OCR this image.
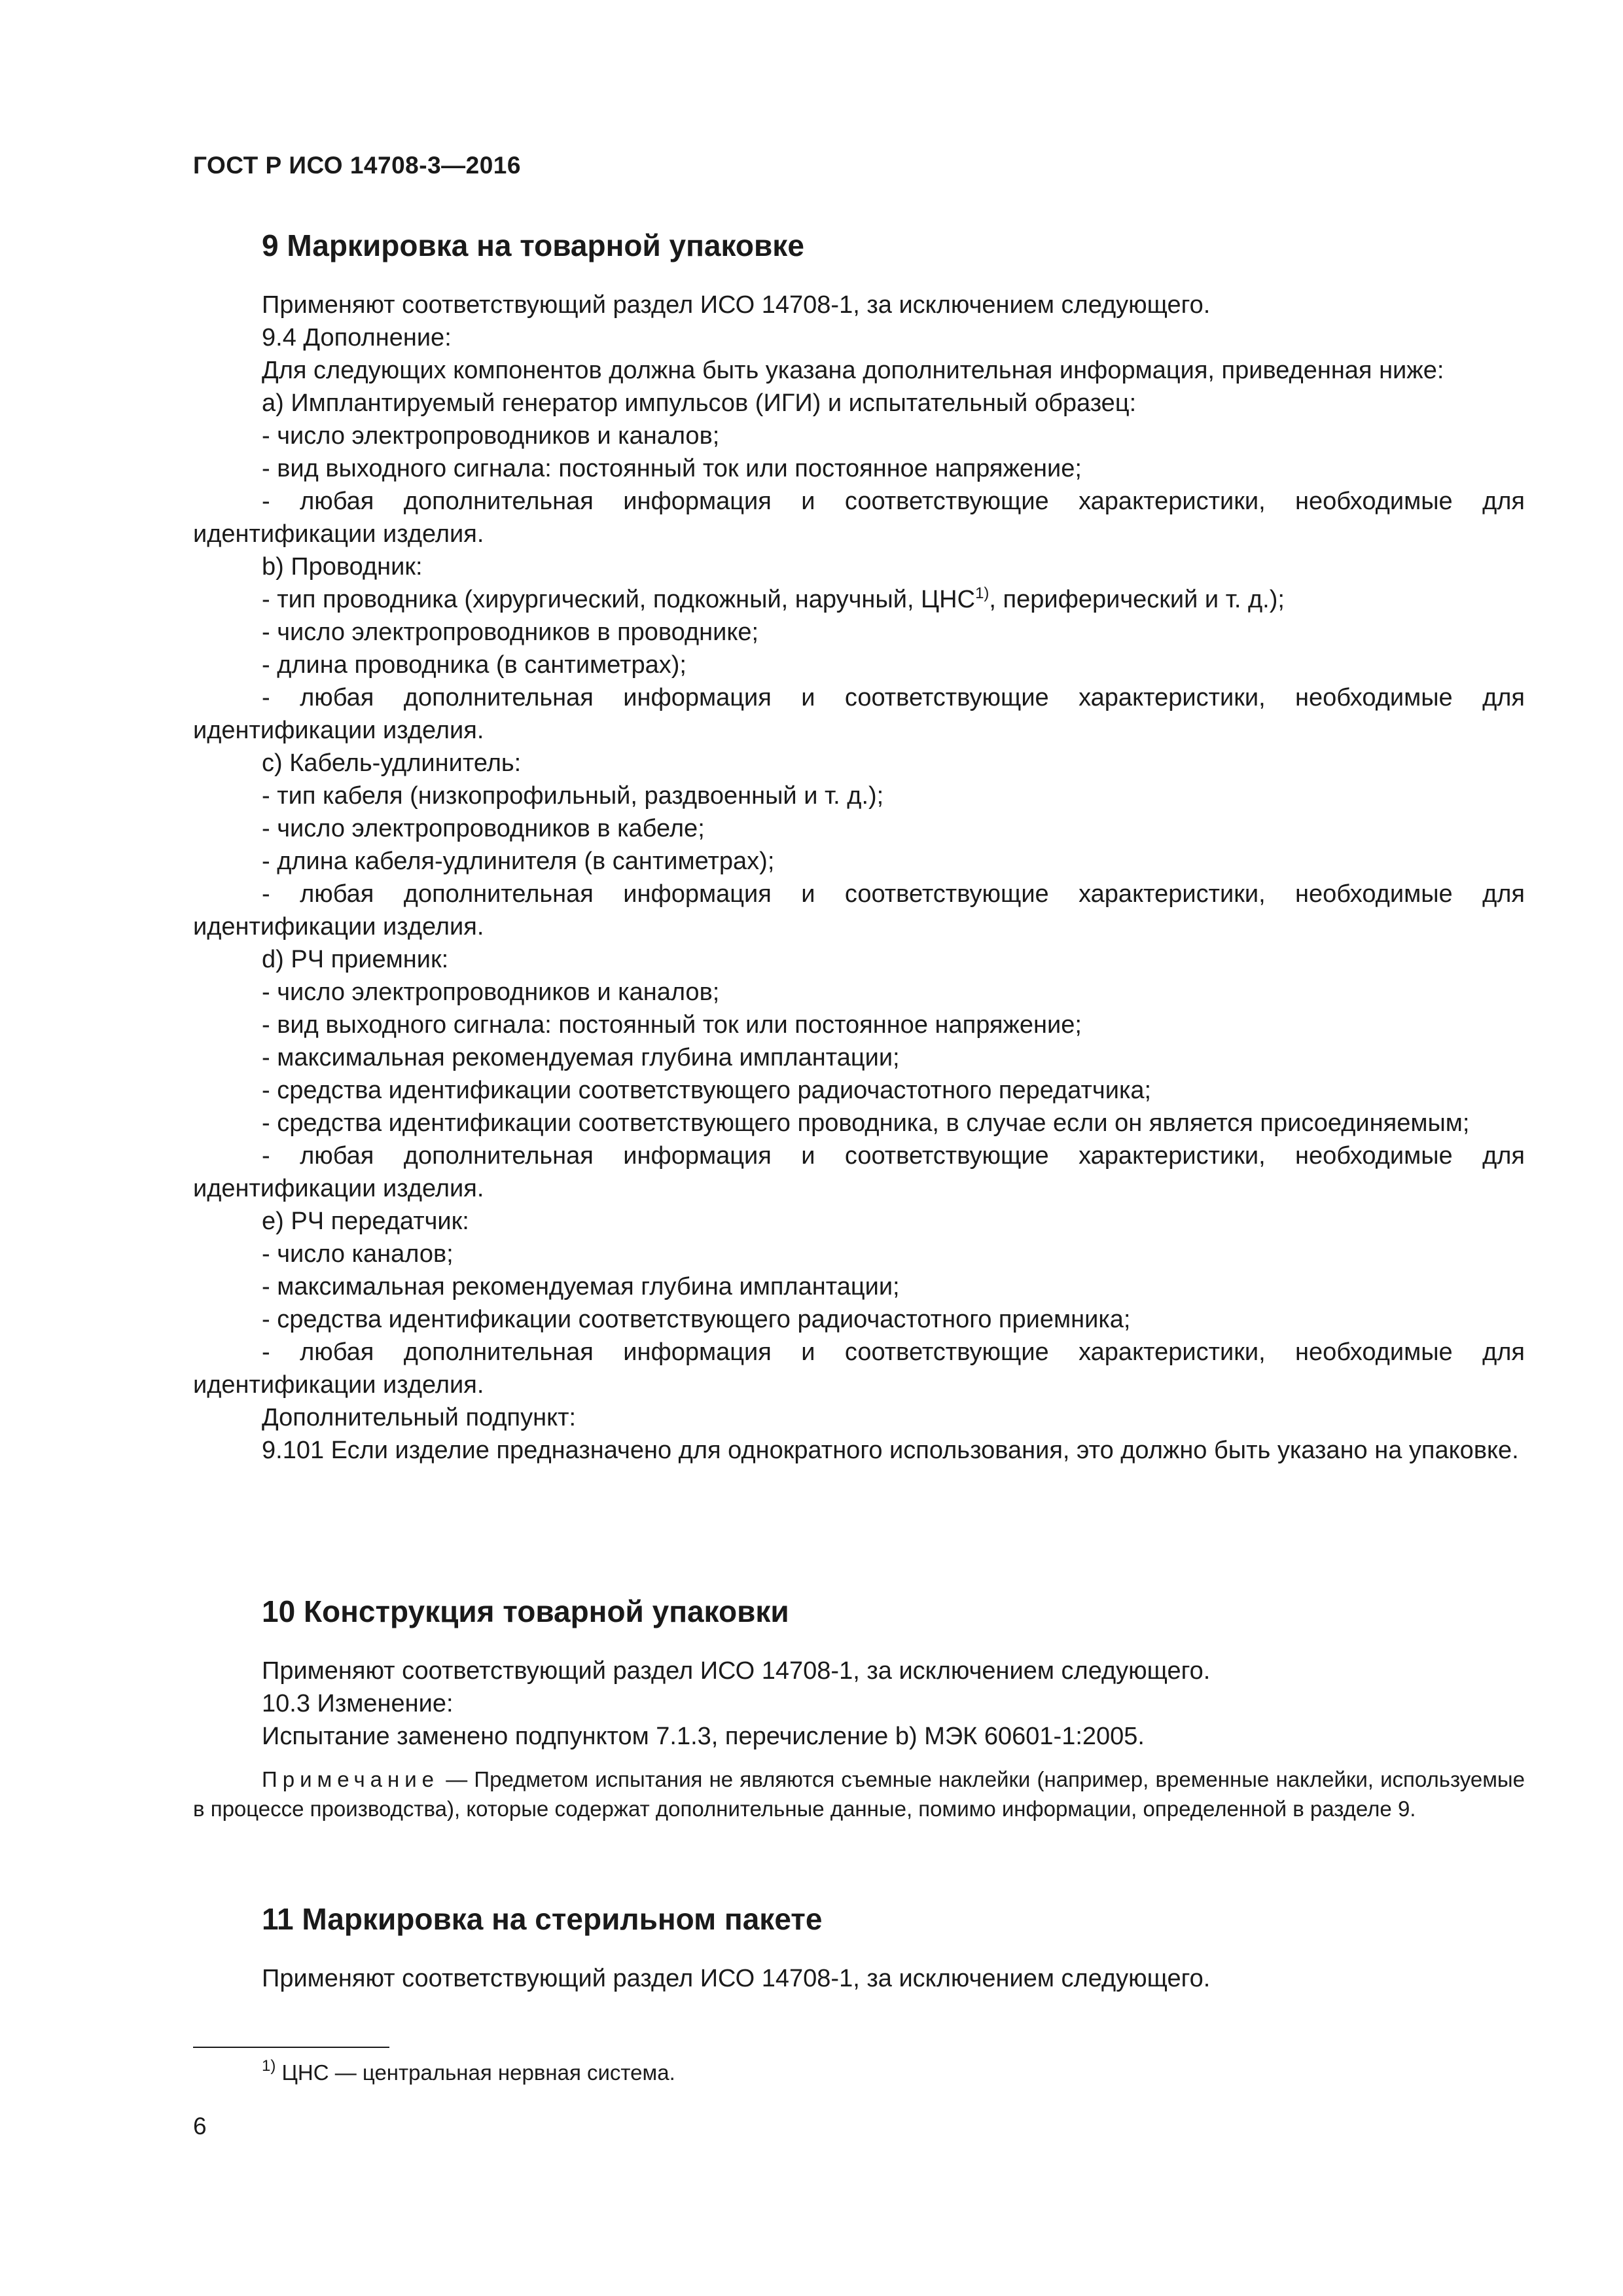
ГОСТ Р ИСО 14708-3—2016
9 Маркировка на товарной упаковке

Применяют соответствующий раздел ИСО 14708-1, за исключением следующего.

9.4 Дополнение:

Для следующих компонентов должна быть указана дополнительная информация, приведенная ниже:

a) Имплантируемый генератор импульсов (ИГИ) и испытательный образец:

- число электропроводников и каналов;

- вид выходного сигнала: постоянный ток или постоянное напряжение;

- любая дополнительная информация и соответствующие характеристики, необходимые для идентификации изделия.

b) Проводник:

- тип проводника (хирургический, подкожный, наручный, ЦНС$^{1)}$, периферический и т. д.);

- число электропроводников в проводнике;

- длина проводника (в сантиметрах);

- любая дополнительная информация и соответствующие характеристики, необходимые для идентификации изделия.

c) Кабель-удлинитель:

- тип кабеля (низкопрофильный, раздвоенный и т. д.);

- число электропроводников в кабеле;

- длина кабеля-удлинителя (в сантиметрах);

- любая дополнительная информация и соответствующие характеристики, необходимые для идентификации изделия.

d) РЧ приемник:

- число электропроводников и каналов;

- вид выходного сигнала: постоянный ток или постоянное напряжение;

- максимальная рекомендуемая глубина имплантации;

- средства идентификации соответствующего радиочастотного передатчика;

- средства идентификации соответствующего проводника, в случае если он является присоединяемым;

- любая дополнительная информация и соответствующие характеристики, необходимые для идентификации изделия.

e) РЧ передатчик:

- число каналов;

- максимальная рекомендуемая глубина имплантации;

- средства идентификации соответствующего радиочастотного приемника;

- любая дополнительная информация и соответствующие характеристики, необходимые для идентификации изделия.

Дополнительный подпункт:

9.101 Если изделие предназначено для однократного использования, это должно быть указано на упаковке.

10 Конструкция товарной упаковки

Применяют соответствующий раздел ИСО 14708-1, за исключением следующего.

10.3 Изменение:

Испытание заменено подпунктом 7.1.3, перечисление b) МЭК 60601-1:2005.

Примечание — Предметом испытания не являются съемные наклейки (например, временные наклейки, используемые в процессе производства), которые содержат дополнительные данные, помимо информации, определенной в разделе 9.

11 Маркировка на стерильном пакете

Применяют соответствующий раздел ИСО 14708-1, за исключением следующего.

$^{1)}$ ЦНС — центральная нервная система.
6
